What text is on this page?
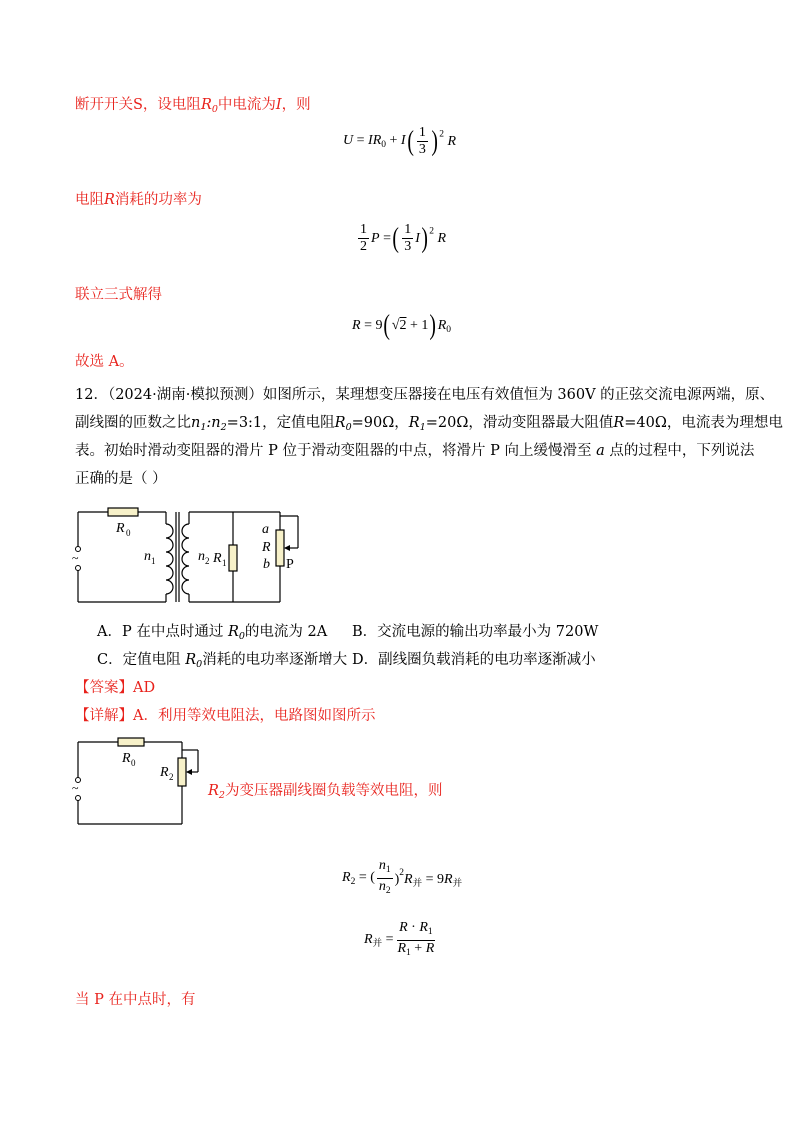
断开开关S，设电阻$R_0$中电流为I，则
$U = IR_0 + I( \frac{1}{3} )^2$ R
电阻R消耗的功率为
$\frac{1}{2}$ P =( $\frac{1}{3} I)^2$ R
联立三式解得
$R = 9(√2 + 1)R_0$
故选 A。
12．（2024·湖南·模拟预测）如图所示，某理想变压器接在电压有效值恒为 360V 的正弦交流电源两端，原、
副线圈的匝数之比$n_1:n_2=3:1$，定值电阻$R_0=90\Omega$，$R_1=20\Omega$，滑动变阻器最大阻值R=40Ω，电流表为理想电
表。初始时滑动变阻器的滑片 P 位于滑动变阻器的中点，将滑片 P 向上缓慢滑至 a 点的过程中，下列说法
正确的是（ ）
~
R 0
n 1	n 2 R 1
a
R
b P
A．P 在中点时通过 $R_0$的电流为 2A B．交流电源的输出功率最小为 720W
C．定值电阻 $R_0$消耗的电功率逐渐增大 D．副线圈负载消耗的电功率逐渐减小
【答案】AD
【详解】A．利用等效电阻法，电路图如图所示
~
R 0
R 2
$R_2$为变压器副线圈负载等效电阻，则
$R_2$ = ( $\frac{n_1}{n_2} )^2R_并 = 9R_并$
$R_并 = \frac{R \cdot R_1}{R_1 + R}$
当 P 在中点时，有
